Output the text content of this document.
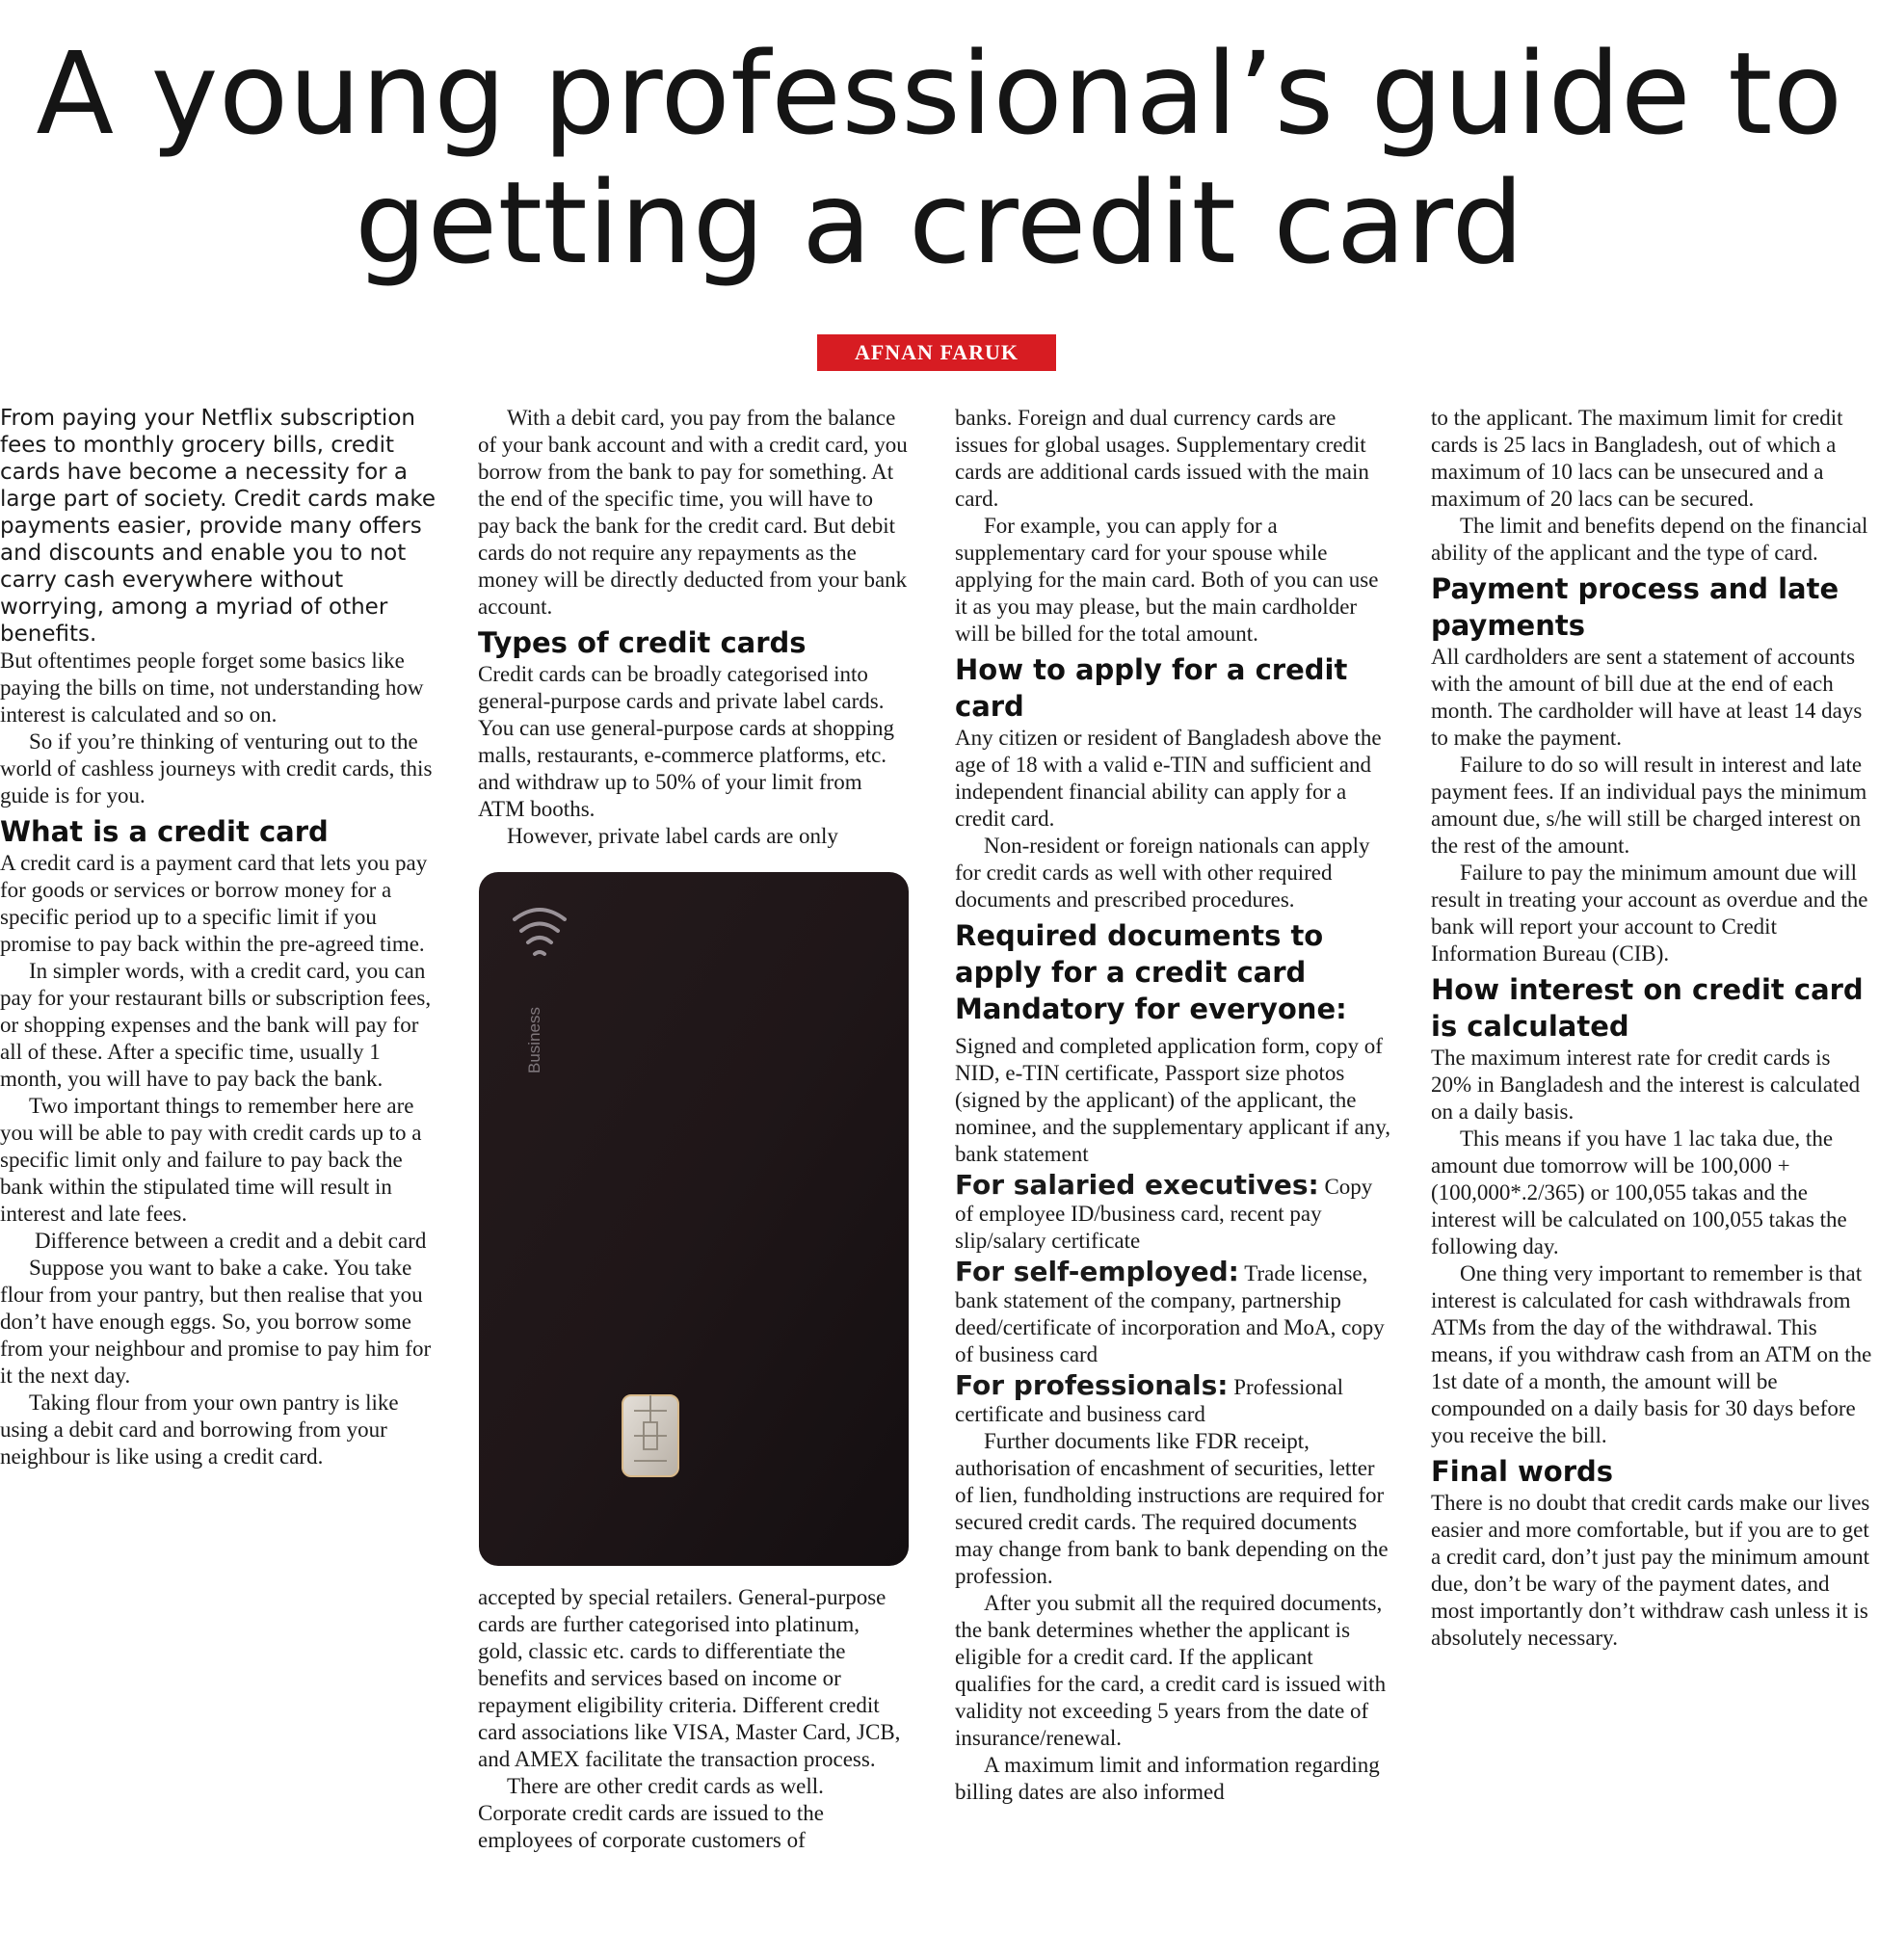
A young professional’s guide to
getting a credit card
AFNAN FARUK

From paying your Netflix subscription fees to monthly grocery bills, credit cards have become a necessity for a large part of society. Credit cards make payments easier, provide many offers and discounts and enable you to not carry cash everywhere without worrying, among a myriad of other benefits.

But oftentimes people forget some basics like paying the bills on time, not understanding how interest is calculated and so on.

So if you’re thinking of venturing out to the world of cashless journeys with credit cards, this guide is for you.

What is a credit card

A credit card is a payment card that lets you pay for goods or services or borrow money for a specific period up to a specific limit if you promise to pay back within the pre-agreed time.

In simpler words, with a credit card, you can pay for your restaurant bills or subscription fees, or shopping expenses and the bank will pay for all of these. After a specific time, usually 1 month, you will have to pay back the bank.

Two important things to remember here are you will be able to pay with credit cards up to a specific limit only and failure to pay back the bank within the stipulated time will result in interest and late fees.

Difference between a credit and a debit card

Suppose you want to bake a cake. You take flour from your pantry, but then realise that you don’t have enough eggs. So, you borrow some from your neighbour and promise to pay him for it the next day.

Taking flour from your own pantry is like using a debit card and borrowing from your neighbour is like using a credit card.

With a debit card, you pay from the balance of your bank account and with a credit card, you borrow from the bank to pay for something. At the end of the specific time, you will have to pay back the bank for the credit card. But debit cards do not require any repayments as the money will be directly deducted from your bank account.

Types of credit cards

Credit cards can be broadly categorised into general-purpose cards and private label cards. You can use general-purpose cards at shopping malls, restaurants, e-commerce platforms, etc. and withdraw up to 50% of your limit from ATM booths.

However, private label cards are only

Business

accepted by special retailers. General-purpose cards are further categorised into platinum, gold, classic etc. cards to differentiate the benefits and services based on income or repayment eligibility criteria. Different credit card associations like VISA, Master Card, JCB, and AMEX facilitate the transaction process.

There are other credit cards as well. Corporate credit cards are issued to the employees of corporate customers of

banks. Foreign and dual currency cards are issues for global usages. Supplementary credit cards are additional cards issued with the main card.

For example, you can apply for a supplementary card for your spouse while applying for the main card. Both of you can use it as you may please, but the main cardholder will be billed for the total amount.

How to apply for a credit card

Any citizen or resident of Bangladesh above the age of 18 with a valid e-TIN and sufficient and independent financial ability can apply for a credit card.

Non-resident or foreign nationals can apply for credit cards as well with other required documents and prescribed procedures.

Required documents to apply for a credit card
Mandatory for everyone:

Signed and completed application form, copy of NID, e-TIN certificate, Passport size photos (signed by the applicant) of the applicant, the nominee, and the supplementary applicant if any, bank statement

For salaried executives: Copy of employee ID/business card, recent pay slip/salary certificate

For self-employed: Trade license, bank statement of the company, partnership deed/certificate of incorporation and MoA, copy of business card

For professionals: Professional certificate and business card

Further documents like FDR receipt, authorisation of encashment of securities, letter of lien, fundholding instructions are required for secured credit cards. The required documents may change from bank to bank depending on the profession.

After you submit all the required documents, the bank determines whether the applicant is eligible for a credit card. If the applicant qualifies for the card, a credit card is issued with validity not exceeding 5 years from the date of insurance/renewal.

A maximum limit and information regarding billing dates are also informed

to the applicant. The maximum limit for credit cards is 25 lacs in Bangladesh, out of which a maximum of 10 lacs can be unsecured and a maximum of 20 lacs can be secured.

The limit and benefits depend on the financial ability of the applicant and the type of card.

Payment process and late payments

All cardholders are sent a statement of accounts with the amount of bill due at the end of each month. The cardholder will have at least 14 days to make the payment.

Failure to do so will result in interest and late payment fees. If an individual pays the minimum amount due, s/he will still be charged interest on the rest of the amount.

Failure to pay the minimum amount due will result in treating your account as overdue and the bank will report your account to Credit Information Bureau (CIB).

How interest on credit card is calculated

The maximum interest rate for credit cards is 20% in Bangladesh and the interest is calculated on a daily basis.

This means if you have 1 lac taka due, the amount due tomorrow will be 100,000 + (100,000*.2/365) or 100,055 takas and the interest will be calculated on 100,055 takas the following day.

One thing very important to remember is that interest is calculated for cash withdrawals from ATMs from the day of the withdrawal. This means, if you withdraw cash from an ATM on the 1st date of a month, the amount will be compounded on a daily basis for 30 days before you receive the bill.

Final words

There is no doubt that credit cards make our lives easier and more comfortable, but if you are to get a credit card, don’t just pay the minimum amount due, don’t be wary of the payment dates, and most importantly don’t withdraw cash unless it is absolutely necessary.
